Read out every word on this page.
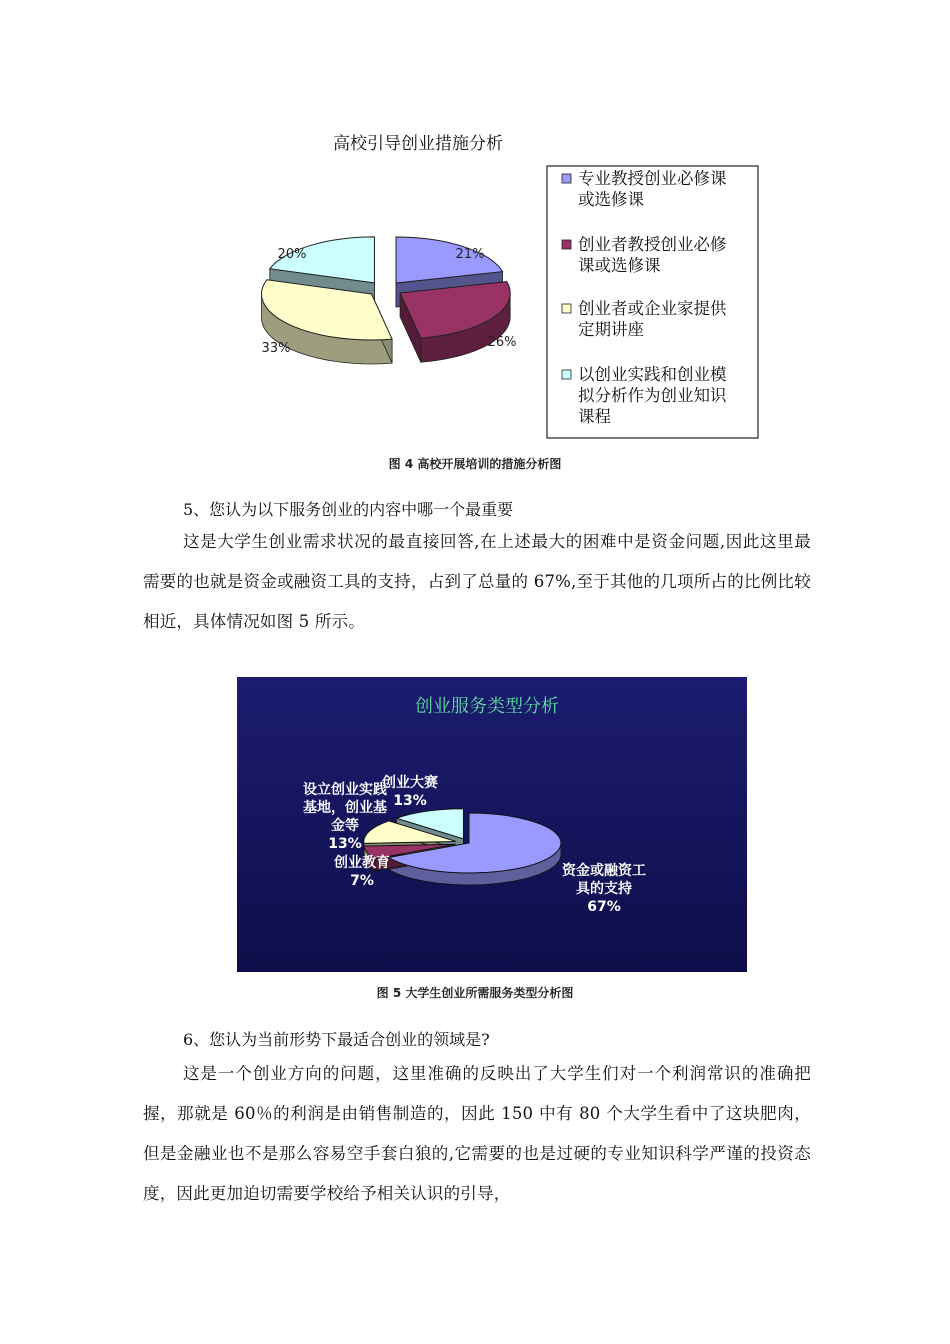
高校引导创业措施分析
21%
26%
33%
20%
专业教授创业必修课
或选修课
创业者教授创业必修
课或选修课
创业者或企业家提供
定期讲座
以创业实践和创业模
拟分析作为创业知识
课程
图 4 高校开展培训的措施分析图
5、您认为以下服务创业的内容中哪一个最重要
这是大学生创业需求状况的最直接回答,在上述最大的困难中是资金问题,因此这里最需要的也就是资金或融资工具的支持，占到了总量的 67%,至于其他的几项所占的比例比较相近，具体情况如图 5 所示。
创业服务类型分析
资金或融资工
具的支持
67%
创业教育
7%
设立创业实践
基地，创业基
金等
13%
创业大赛
13%
图 5 大学生创业所需服务类型分析图
6、您认为当前形势下最适合创业的领域是?
这是一个创业方向的问题，这里准确的反映出了大学生们对一个利润常识的准确把握，那就是 60％的利润是由销售制造的，因此 150 中有 80 个大学生看中了这块肥肉，但是金融业也不是那么容易空手套白狼的,它需要的也是过硬的专业知识科学严谨的投资态度，因此更加迫切需要学校给予相关认识的引导，
